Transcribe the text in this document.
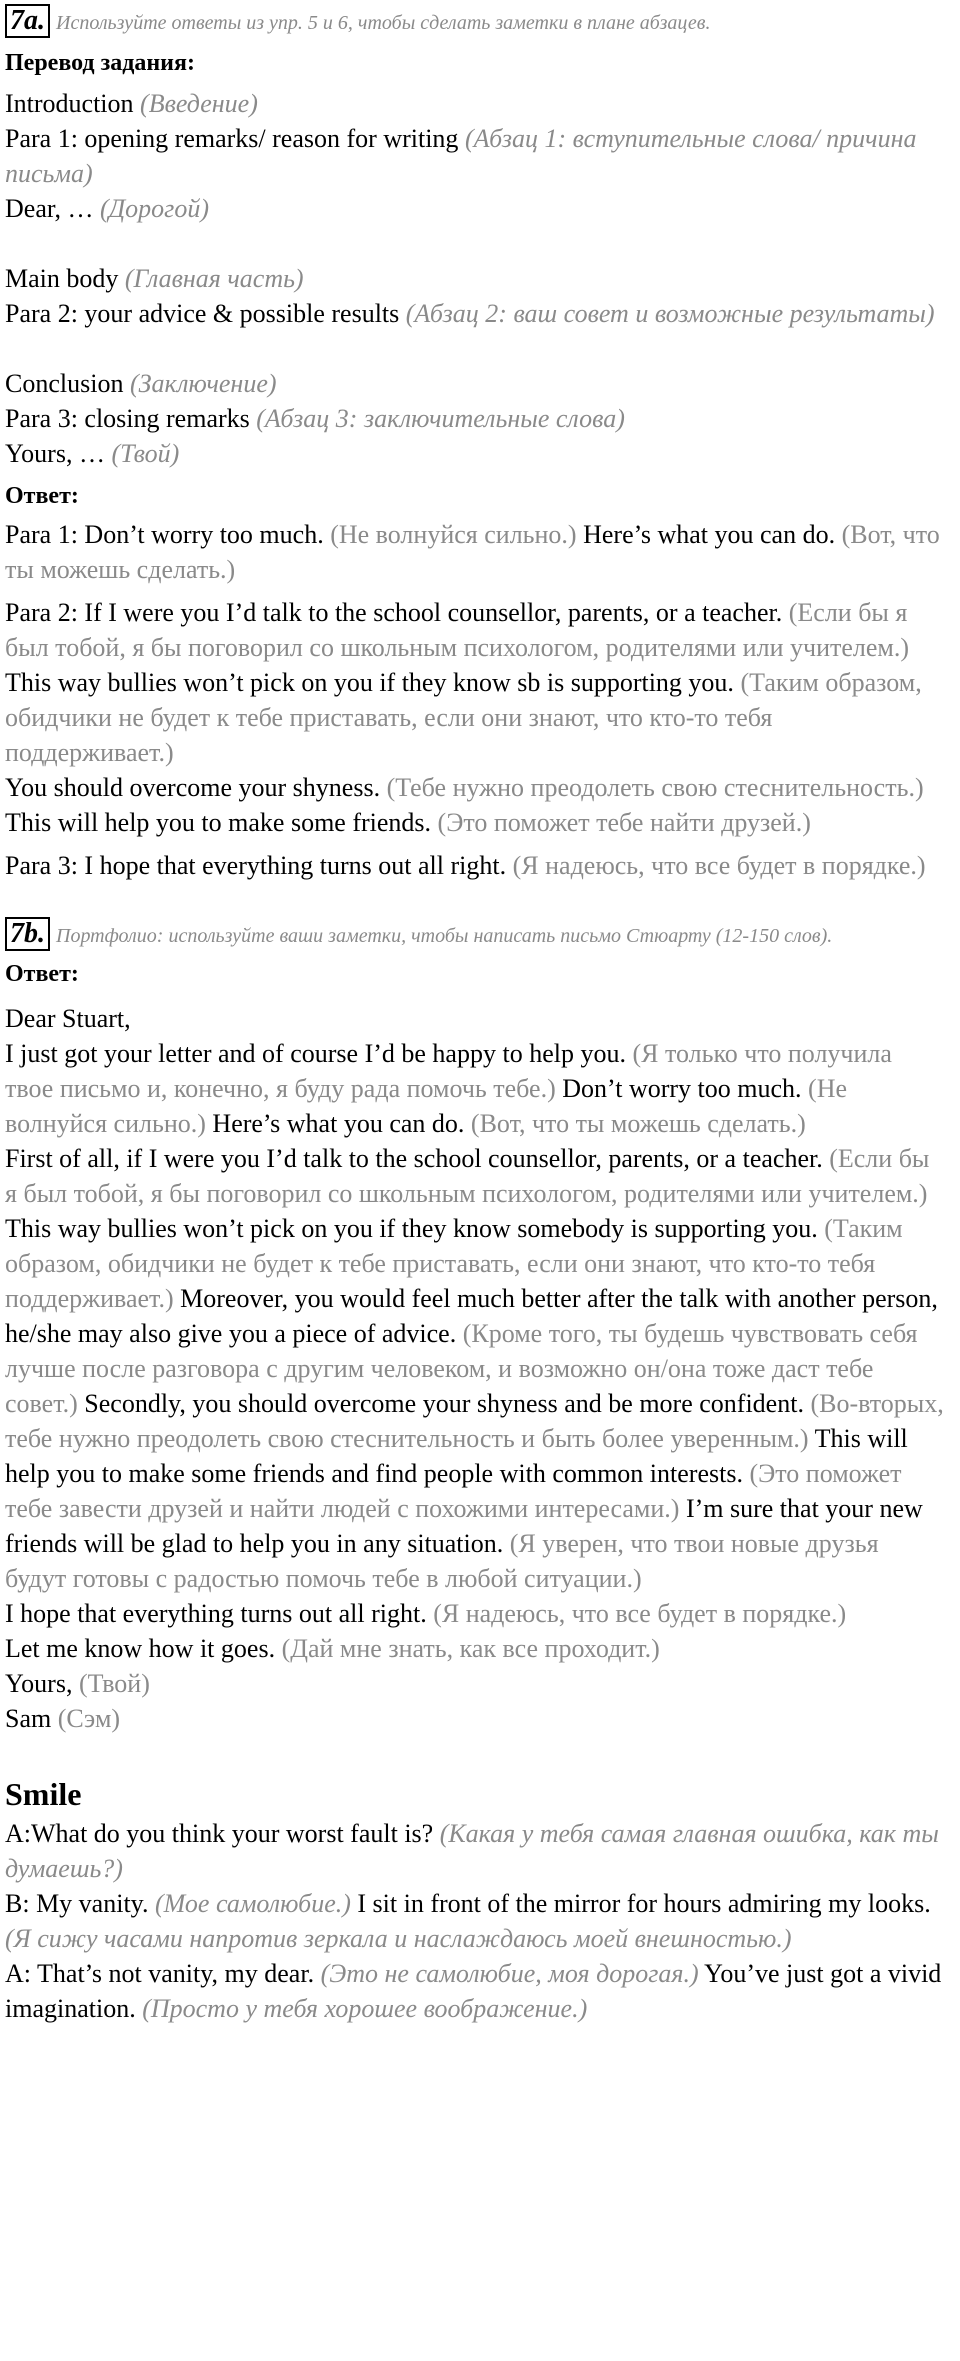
7a. Используйте ответы из упр. 5 и 6, чтобы сделать заметки в плане абзацев.

Перевод задания:
Introduction (Введение)
Para 1: opening remarks/ reason for writing (Абзац 1: вступительные слова/ причина письма)
Dear, … (Дорогой)
Main body (Главная часть)
Para 2: your advice & possible results (Абзац 2: ваш совет и возможные результаты)
Conclusion (Заключение)
Para 3: closing remarks (Абзац 3: заключительные слова)
Yours, … (Твой)
Ответ:

Para 1: Don’t worry too much. (Не волнуйся сильно.) Here’s what you can do. (Вот, что ты можешь сделать.)

Para 2: If I were you I’d talk to the school counsellor, parents, or a teacher. (Если бы я был тобой, я бы поговорил со школьным психологом, родителями или учителем.) This way bullies won’t pick on you if they know sb is supporting you. (Таким образом, обидчики не будет к тебе приставать, если они знают, что кто-то тебя поддерживает.)
You should overcome your shyness. (Тебе нужно преодолеть свою стеснительность.) This will help you to make some friends. (Это поможет тебе найти друзей.)

Para 3: I hope that everything turns out all right. (Я надеюсь, что все будет в порядке.)

7b. Портфолио: используйте ваши заметки, чтобы написать письмо Стюарту (12-150 слов).

Ответ:
Dear Stuart,
I just got your letter and of course I’d be happy to help you. (Я только что получила твое письмо и, конечно, я буду рада помочь тебе.) Don’t worry too much. (Не волнуйся сильно.) Here’s what you can do. (Вот, что ты можешь сделать.)
First of all, if I were you I’d talk to the school counsellor, parents, or a teacher. (Если бы я был тобой, я бы поговорил со школьным психологом, родителями или учителем.) This way bullies won’t pick on you if they know somebody is supporting you. (Таким образом, обидчики не будет к тебе приставать, если они знают, что кто-то тебя поддерживает.) Moreover, you would feel much better after the talk with another person, he/she may also give you a piece of advice. (Кроме того, ты будешь чувствовать себя лучше после разговора с другим человеком, и возможно он/она тоже даст тебе совет.) Secondly, you should overcome your shyness and be more confident. (Во-вторых, тебе нужно преодолеть свою стеснительность и быть более уверенным.) This will help you to make some friends and find people with common interests. (Это поможет тебе завести друзей и найти людей с похожими интересами.) I’m sure that your new friends will be glad to help you in any situation. (Я уверен, что твои новые друзья будут готовы с радостью помочь тебе в любой ситуации.)
I hope that everything turns out all right. (Я надеюсь, что все будет в порядке.)
Let me know how it goes. (Дай мне знать, как все проходит.)
Yours, (Твой)
Sam (Сэм)
Smile
A:What do you think your worst fault is? (Какая у тебя самая главная ошибка, как ты думаешь?)
B: My vanity. (Мое самолюбие.) I sit in front of the mirror for hours admiring my looks. (Я сижу часами напротив зеркала и наслаждаюсь моей внешностью.)
A: That’s not vanity, my dear. (Это не самолюбие, моя дорогая.) You’ve just got a vivid imagination. (Просто у тебя хорошее воображение.)
